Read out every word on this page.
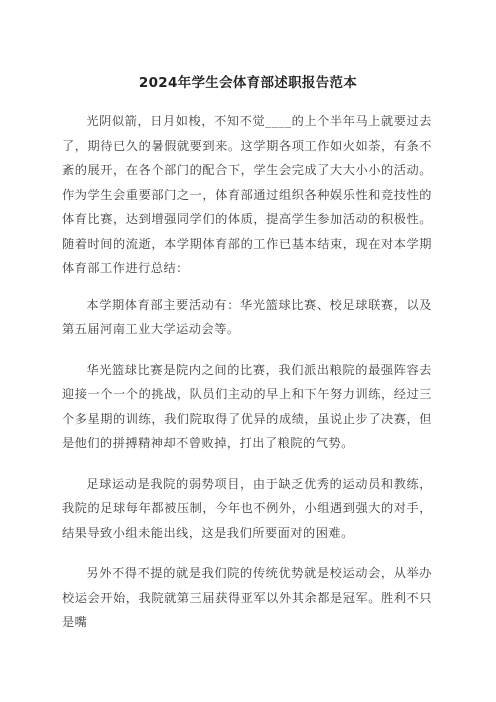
2024年学生会体育部述职报告范本

光阴似箭，日月如梭，不知不觉____的上个半年马上就要过去了，期待已久的暑假就要到来。这学期各项工作如火如荼，有条不紊的展开，在各个部门的配合下，学生会完成了大大小小的活动。作为学生会重要部门之一，体育部通过组织各种娱乐性和竞技性的体育比赛，达到增强同学们的体质，提高学生参加活动的积极性。随着时间的流逝，本学期体育部的工作已基本结束，现在对本学期体育部工作进行总结：

本学期体育部主要活动有：华光篮球比赛、校足球联赛，以及第五届河南工业大学运动会等。

华光篮球比赛是院内之间的比赛，我们派出粮院的最强阵容去迎接一个一个的挑战，队员们主动的早上和下午努力训练，经过三个多星期的训练，我们院取得了优异的成绩，虽说止步了决赛，但是他们的拼搏精神却不曾败掉，打出了粮院的气势。

足球运动是我院的弱势项目，由于缺乏优秀的运动员和教练，我院的足球每年都被压制，今年也不例外，小组遇到强大的对手，结果导致小组未能出线，这是我们所要面对的困难。

另外不得不提的就是我们院的传统优势就是校运动会，从举办校运会开始，我院就第三届获得亚军以外其余都是冠军。胜利不只是嘴
